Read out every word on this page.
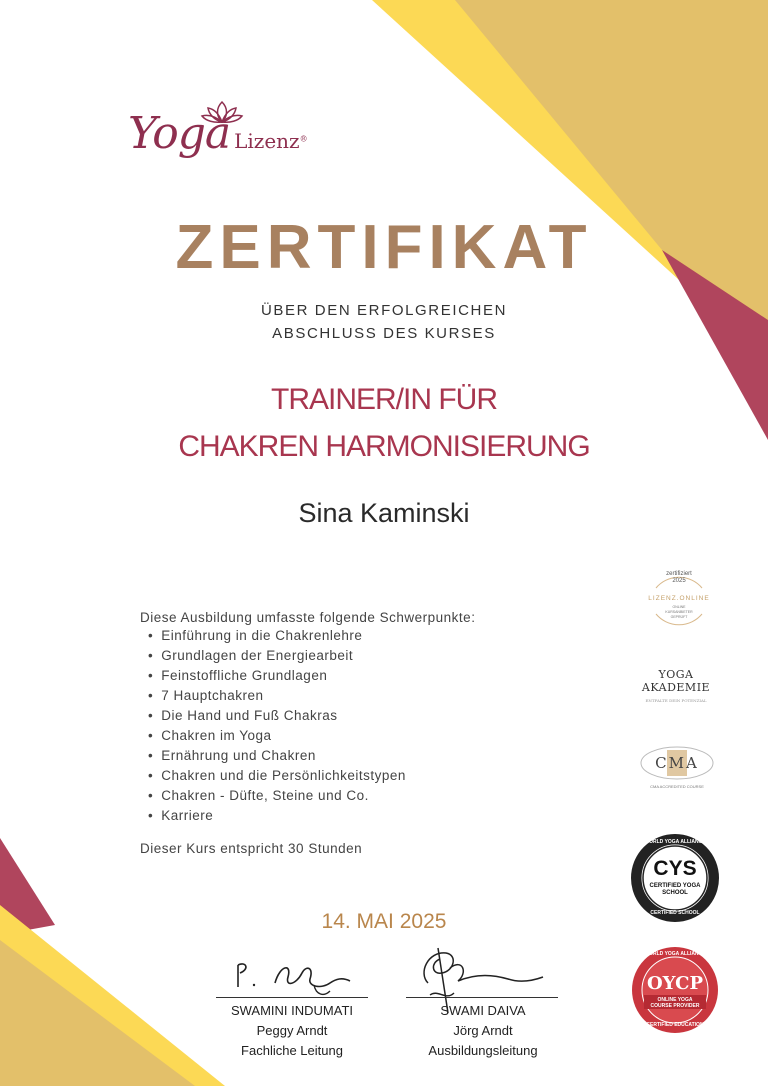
Yoga Lizenz®
ZERTIFIKAT
ÜBER DEN ERFOLGREICHEN
ABSCHLUSS DES KURSES
TRAINER/IN FÜR
CHAKREN HARMONISIERUNG
Sina Kaminski
Diese Ausbildung umfasste folgende Schwerpunkte:
• Einführung in die Chakrenlehre
• Grundlagen der Energiearbeit
• Feinstoffliche Grundlagen
• 7 Hauptchakren
• Die Hand und Fuß Chakras
• Chakren im Yoga
• Ernährung und Chakren
• Chakren und die Persönlichkeitstypen
• Chakren - Düfte, Steine und Co.
• Karriere
Dieser Kurs entspricht 30 Stunden
14. MAI 2025
SWAMINI INDUMATI
Peggy Arndt
Fachliche Leitung
SWAMI DAIVA
Jörg Arndt
Ausbildungsleitung
zertifiziert
2025
LIZENZ.ONLINE
ONLINE
KURSANBIETER
GEPRÜFT
YOGA
AKADEMIE
ENTFALTE DEIN POTENZIAL
CMA
CMA ACCREDITED COURSE
WORLD YOGA ALLIANCE
CYS
CERTIFIED YOGA
SCHOOL
CERTIFIED SCHOOL
WORLD YOGA ALLIANCE
OYCP
ONLINE YOGA
COURSE PROVIDER
CERTIFIED EDUCATION
